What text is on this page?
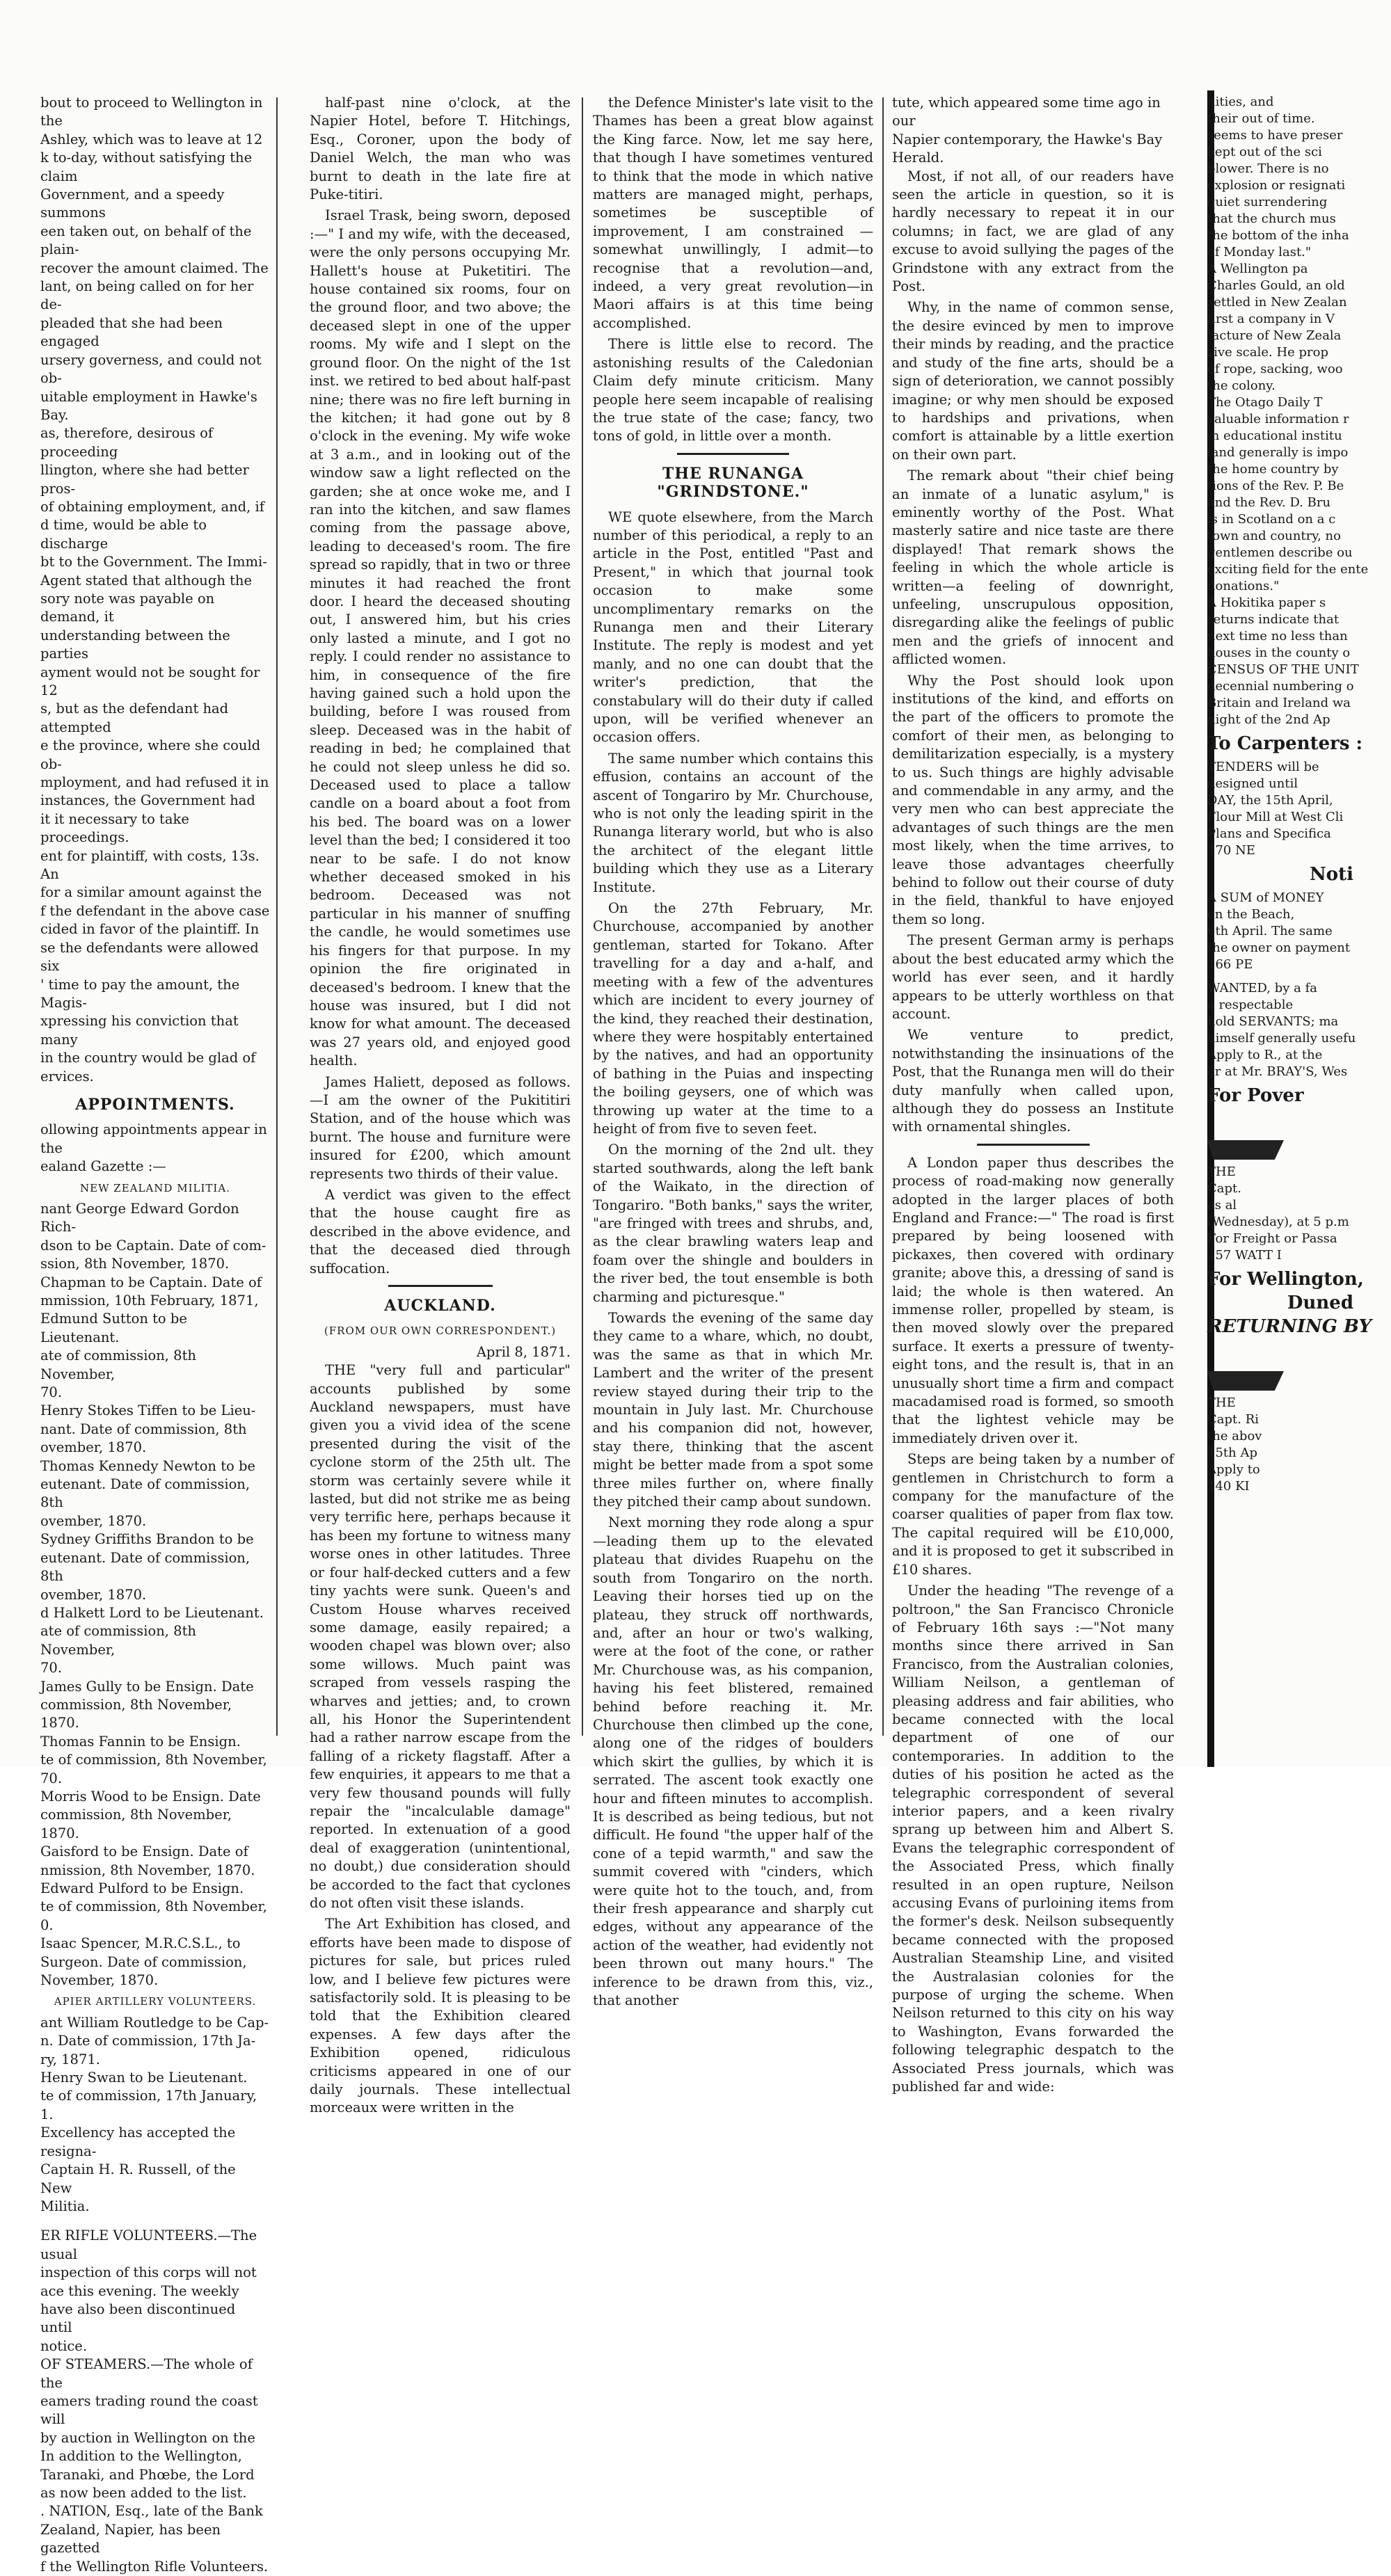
bout to proceed to Wellington in the
Ashley, which was to leave at 12
k to-day, without satisfying the claim
Government, and a speedy summons
een taken out, on behalf of the plain-
recover the amount claimed. The
lant, on being called on for her de-
pleaded that she had been engaged
ursery governess, and could not ob-
uitable employment in Hawke's Bay.
as, therefore, desirous of proceeding
llington, where she had better pros-
of obtaining employment, and, if
d time, would be able to discharge
bt to the Government. The Immi-
Agent stated that although the
sory note was payable on demand, it
understanding between the parties
ayment would not be sought for 12
s, but as the defendant had attempted
e the province, where she could ob-
mployment, and had refused it in
instances, the Government had
it it necessary to take proceedings.
ent for plaintiff, with costs, 13s. An
for a similar amount against the
f the defendant in the above case
cided in favor of the plaintiff. In
se the defendants were allowed six
' time to pay the amount, the Magis-
xpressing his conviction that many
in the country would be glad of
ervices.
APPOINTMENTS.
ollowing appointments appear in the
ealand Gazette :—
NEW ZEALAND MILITIA.
nant George Edward Gordon Rich-
dson to be Captain. Date of com-
ssion, 8th November, 1870.
Chapman to be Captain. Date of
mmission, 10th February, 1871,
Edmund Sutton to be Lieutenant.
ate of commission, 8th November,
70.
Henry Stokes Tiffen to be Lieu-
nant. Date of commission, 8th
ovember, 1870.
Thomas Kennedy Newton to be
eutenant. Date of commission, 8th
ovember, 1870.
Sydney Griffiths Brandon to be
eutenant. Date of commission, 8th
ovember, 1870.
d Halkett Lord to be Lieutenant.
ate of commission, 8th November,
70.
James Gully to be Ensign. Date
commission, 8th November, 1870.
Thomas Fannin to be Ensign.
te of commission, 8th November,
70.
Morris Wood to be Ensign. Date
commission, 8th November, 1870.
Gaisford to be Ensign. Date of
nmission, 8th November, 1870.
Edward Pulford to be Ensign.
te of commission, 8th November,
0.
Isaac Spencer, M.R.C.S.L., to
Surgeon. Date of commission,
November, 1870.
APIER ARTILLERY VOLUNTEERS.
ant William Routledge to be Cap-
n. Date of commission, 17th Ja-
ry, 1871.
Henry Swan to be Lieutenant.
te of commission, 17th January,
1.
Excellency has accepted the resigna-
Captain H. R. Russell, of the New
Militia.
ER RIFLE VOLUNTEERS.—The usual
inspection of this corps will not
ace this evening. The weekly
have also been discontinued until
notice.
OF STEAMERS.—The whole of the
eamers trading round the coast will
by auction in Wellington on the
In addition to the Wellington,
Taranaki, and Phœbe, the Lord
as now been added to the list.
. NATION, Esq., late of the Bank
Zealand, Napier, has been gazetted
f the Wellington Rifle Volunteers.

half-past nine o'clock, at the Napier Hotel, before T. Hitchings, Esq., Coroner, upon the body of Daniel Welch, the man who was burnt to death in the late fire at Puke-titiri.

Israel Trask, being sworn, deposed :—" I and my wife, with the deceased, were the only persons occupying Mr. Hallett's house at Puketitiri. The house contained six rooms, four on the ground floor, and two above; the deceased slept in one of the upper rooms. My wife and I slept on the ground floor. On the night of the 1st inst. we retired to bed about half-past nine; there was no fire left burning in the kitchen; it had gone out by 8 o'clock in the evening. My wife woke at 3 a.m., and in looking out of the window saw a light reflected on the garden; she at once woke me, and I ran into the kitchen, and saw flames coming from the passage above, leading to deceased's room. The fire spread so rapidly, that in two or three minutes it had reached the front door. I heard the deceased shouting out, I answered him, but his cries only lasted a minute, and I got no reply. I could render no assistance to him, in consequence of the fire having gained such a hold upon the building, before I was roused from sleep. Deceased was in the habit of reading in bed; he complained that he could not sleep unless he did so. Deceased used to place a tallow candle on a board about a foot from his bed. The board was on a lower level than the bed; I considered it too near to be safe. I do not know whether deceased smoked in his bedroom. Deceased was not particular in his manner of snuffing the candle, he would sometimes use his fingers for that purpose. In my opinion the fire originated in deceased's bedroom. I knew that the house was insured, but I did not know for what amount. The deceased was 27 years old, and enjoyed good health.

James Haliett, deposed as follows.—I am the owner of the Pukititiri Station, and of the house which was burnt. The house and furniture were insured for £200, which amount represents two thirds of their value.

A verdict was given to the effect that the house caught fire as described in the above evidence, and that the deceased died through suffocation.

AUCKLAND.
(FROM OUR OWN CORRESPONDENT.)
April 8, 1871.

THE "very full and particular" accounts published by some Auckland newspapers, must have given you a vivid idea of the scene presented during the visit of the cyclone storm of the 25th ult. The storm was certainly severe while it lasted, but did not strike me as being very terrific here, perhaps because it has been my fortune to witness many worse ones in other latitudes. Three or four half-decked cutters and a few tiny yachts were sunk. Queen's and Custom House wharves received some damage, easily repaired; a wooden chapel was blown over; also some willows. Much paint was scraped from vessels rasping the wharves and jetties; and, to crown all, his Honor the Superintendent had a rather narrow escape from the falling of a rickety flagstaff. After a few enquiries, it appears to me that a very few thousand pounds will fully repair the "incalculable damage" reported. In extenuation of a good deal of exaggeration (unintentional, no doubt,) due consideration should be accorded to the fact that cyclones do not often visit these islands.

The Art Exhibition has closed, and efforts have been made to dispose of pictures for sale, but prices ruled low, and I believe few pictures were satisfactorily sold. It is pleasing to be told that the Exhibition cleared expenses. A few days after the Exhibition opened, ridiculous criticisms appeared in one of our daily journals. These intellectual morceaux were written in the

the Defence Minister's late visit to the Thames has been a great blow against the King farce. Now, let me say here, that though I have sometimes ventured to think that the mode in which native matters are managed might, perhaps, sometimes be susceptible of improvement, I am constrained —somewhat unwillingly, I admit—to recognise that a revolution—and, indeed, a very great revolution—in Maori affairs is at this time being accomplished.

There is little else to record. The astonishing results of the Caledonian Claim defy minute criticism. Many people here seem incapable of realising the true state of the case; fancy, two tons of gold, in little over a month.

THE RUNANGA "GRINDSTONE."

WE quote elsewhere, from the March number of this periodical, a reply to an article in the Post, entitled "Past and Present," in which that journal took occasion to make some uncomplimentary remarks on the Runanga men and their Literary Institute. The reply is modest and yet manly, and no one can doubt that the writer's prediction, that the constabulary will do their duty if called upon, will be verified whenever an occasion offers.

The same number which contains this effusion, contains an account of the ascent of Tongariro by Mr. Churchouse, who is not only the leading spirit in the Runanga literary world, but who is also the architect of the elegant little building which they use as a Literary Institute.

On the 27th February, Mr. Churchouse, accompanied by another gentleman, started for Tokano. After travelling for a day and a-half, and meeting with a few of the adventures which are incident to every journey of the kind, they reached their destination, where they were hospitably entertained by the natives, and had an opportunity of bathing in the Puias and inspecting the boiling geysers, one of which was throwing up water at the time to a height of from five to seven feet.

On the morning of the 2nd ult. they started southwards, along the left bank of the Waikato, in the direction of Tongariro. "Both banks," says the writer, "are fringed with trees and shrubs, and, as the clear brawling waters leap and foam over the shingle and boulders in the river bed, the tout ensemble is both charming and picturesque."

Towards the evening of the same day they came to a whare, which, no doubt, was the same as that in which Mr. Lambert and the writer of the present review stayed during their trip to the mountain in July last. Mr. Churchouse and his companion did not, however, stay there, thinking that the ascent might be better made from a spot some three miles further on, where finally they pitched their camp about sundown.

Next morning they rode along a spur—leading them up to the elevated plateau that divides Ruapehu on the south from Tongariro on the north. Leaving their horses tied up on the plateau, they struck off northwards, and, after an hour or two's walking, were at the foot of the cone, or rather Mr. Churchouse was, as his companion, having his feet blistered, remained behind before reaching it. Mr. Churchouse then climbed up the cone, along one of the ridges of boulders which skirt the gullies, by which it is serrated. The ascent took exactly one hour and fifteen minutes to accomplish. It is described as being tedious, but not difficult. He found "the upper half of the cone of a tepid warmth," and saw the summit covered with "cinders, which were quite hot to the touch, and, from their fresh appearance and sharply cut edges, without any appearance of the action of the weather, had evidently not been thrown out many hours." The inference to be drawn from this, viz., that another

tute, which appeared some time ago in our
Napier contemporary, the Hawke's Bay
Herald.

Most, if not all, of our readers have seen the article in question, so it is hardly necessary to repeat it in our columns; in fact, we are glad of any excuse to avoid sullying the pages of the Grindstone with any extract from the Post.

Why, in the name of common sense, the desire evinced by men to improve their minds by reading, and the practice and study of the fine arts, should be a sign of deterioration, we cannot possibly imagine; or why men should be exposed to hardships and privations, when comfort is attainable by a little exertion on their own part.

The remark about "their chief being an inmate of a lunatic asylum," is eminently worthy of the Post. What masterly satire and nice taste are there displayed! That remark shows the feeling in which the whole article is written—a feeling of downright, unfeeling, unscrupulous opposition, disregarding alike the feelings of public men and the griefs of innocent and afflicted women.

Why the Post should look upon institutions of the kind, and efforts on the part of the officers to promote the comfort of their men, as belonging to demilitarization especially, is a mystery to us. Such things are highly advisable and commendable in any army, and the very men who can best appreciate the advantages of such things are the men most likely, when the time arrives, to leave those advantages cheerfully behind to follow out their course of duty in the field, thankful to have enjoyed them so long.

The present German army is perhaps about the best educated army which the world has ever seen, and it hardly appears to be utterly worthless on that account.

We venture to predict, notwithstanding the insinuations of the Post, that the Runanga men will do their duty manfully when called upon, although they do possess an Institute with ornamental shingles.

A London paper thus describes the process of road-making now generally adopted in the larger places of both England and France:—" The road is first prepared by being loosened with pickaxes, then covered with ordinary granite; above this, a dressing of sand is laid; the whole is then watered. An immense roller, propelled by steam, is then moved slowly over the prepared surface. It exerts a pressure of twenty-eight tons, and the result is, that in an unusually short time a firm and compact macadamised road is formed, so smooth that the lightest vehicle may be immediately driven over it.

Steps are being taken by a number of gentlemen in Christchurch to form a company for the manufacture of the coarser qualities of paper from flax tow. The capital required will be £10,000, and it is proposed to get it subscribed in £10 shares.

Under the heading "The revenge of a poltroon," the San Francisco Chronicle of February 16th says :—"Not many months since there arrived in San Francisco, from the Australian colonies, William Neilson, a gentleman of pleasing address and fair abilities, who became connected with the local department of one of our contemporaries. In addition to the duties of his position he acted as the telegraphic correspondent of several interior papers, and a keen rivalry sprang up between him and Albert S. Evans the telegraphic correspondent of the Associated Press, which finally resulted in an open rupture, Neilson accusing Evans of purloining items from the former's desk. Neilson subsequently became connected with the proposed Australian Steamship Line, and visited the Australasian colonies for the purpose of urging the scheme. When Neilson returned to this city on his way to Washington, Evans forwarded the following telegraphic despatch to the Associated Press journals, which was published far and wide:

nities, and
their out of time.
seems to have preser
kept out of the sci
blower. There is no
explosion or resignati
quiet surrendering
that the church mus
the bottom of the inha
of Monday last."
A Wellington pa
Charles Gould, an old
settled in New Zealan
first a company in V
facture of New Zeala
sive scale. He prop
of rope, sacking, woo
the colony.
The Otago Daily T
valuable information r
in educational institu
land generally is impo
the home country by
tions of the Rev. P. Be
and the Rev. D. Bru
is in Scotland on a c
town and country, no
gentlemen describe ou
exciting field for the ente
donations."
A Hokitika paper s
returns indicate that
next time no less than
houses in the county o
CENSUS OF THE UNIT
decennial numbering o
Britain and Ireland wa
night of the 2nd Ap
To Carpenters :
TENDERS will be
designed until
DAY, the 15th April,
Flour Mill at West Cli
Plans and Specifica
170 NE
Noti
A SUM of MONEY
on the Beach,
6th April. The same
the owner on payment
166 PE
WANTED, by a fa
a respectable
hold SERVANTS; ma
himself generally usefu
Apply to R., at the
or at Mr. BRAY'S, Wes
For Pover
THE
Capt.
as al
(Wednesday), at 5 p.m
For Freight or Passa
157 WATT I
For Wellington,
Duned
RETURNING BY
THE
Capt. Ri
the abov
15th Ap
Apply to
140 KI
